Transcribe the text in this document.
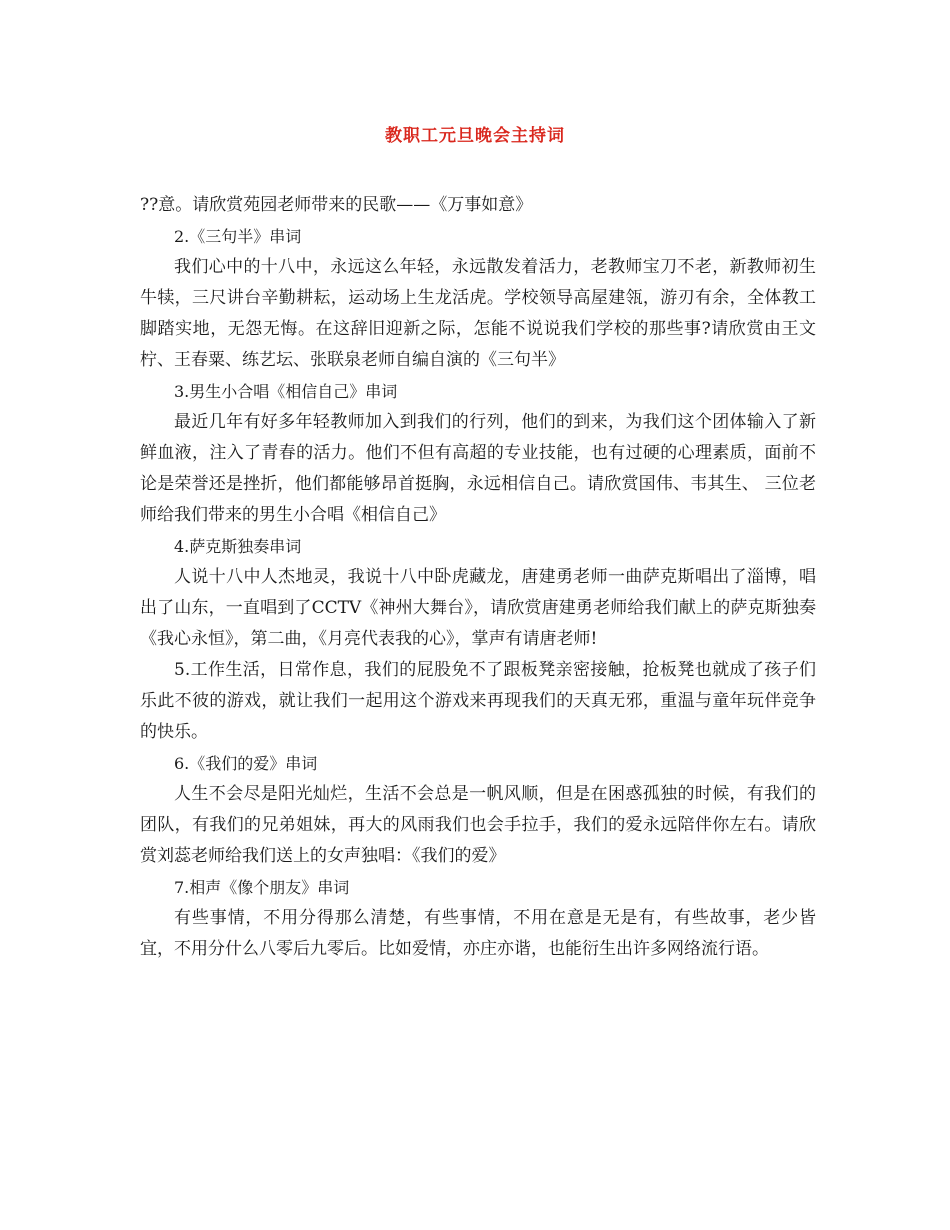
教职工元旦晚会主持词

??意。请欣赏苑园老师带来的民歌——《万事如意》

2.《三句半》串词

我们心中的十八中，永远这么年轻，永远散发着活力，老教师宝刀不老，新教师初生牛犊，三尺讲台辛勤耕耘，运动场上生龙活虎。学校领导高屋建瓴，游刃有余，全体教工脚踏实地，无怨无悔。在这辞旧迎新之际，怎能不说说我们学校的那些事?请欣赏由王文柠、王春粟、练艺坛、张联泉老师自编自演的《三句半》

3.男生小合唱《相信自己》串词

最近几年有好多年轻教师加入到我们的行列，他们的到来，为我们这个团体输入了新鲜血液，注入了青春的活力。他们不但有高超的专业技能，也有过硬的心理素质，面前不论是荣誉还是挫折，他们都能够昂首挺胸，永远相信自己。请欣赏国伟、韦其生、 三位老师给我们带来的男生小合唱《相信自己》

4.萨克斯独奏串词

人说十八中人杰地灵，我说十八中卧虎藏龙，唐建勇老师一曲萨克斯唱出了淄博，唱出了山东，一直唱到了CCTV《神州大舞台》，请欣赏唐建勇老师给我们献上的萨克斯独奏《我心永恒》，第二曲，《月亮代表我的心》，掌声有请唐老师!

5.工作生活，日常作息，我们的屁股免不了跟板凳亲密接触，抢板凳也就成了孩子们乐此不彼的游戏，就让我们一起用这个游戏来再现我们的天真无邪，重温与童年玩伴竞争的快乐。

6.《我们的爱》串词

人生不会尽是阳光灿烂，生活不会总是一帆风顺，但是在困惑孤独的时候，有我们的团队，有我们的兄弟姐妹，再大的风雨我们也会手拉手，我们的爱永远陪伴你左右。请欣赏刘蕊老师给我们送上的女声独唱：《我们的爱》

7.相声《像个朋友》串词

有些事情，不用分得那么清楚，有些事情，不用在意是无是有，有些故事，老少皆宜，不用分什么八零后九零后。比如爱情，亦庄亦谐，也能衍生出许多网络流行语。
